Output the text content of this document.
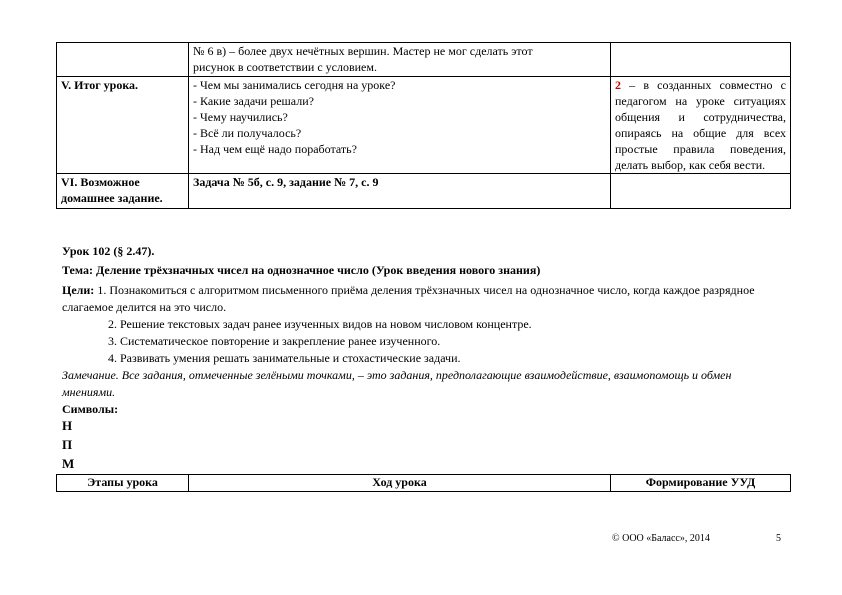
	№ 6 в) – более двух нечётных вершин. Мастер не мог сделать этот
рисунок в соответствии с условием.	

V. Итог урока.	- Чем мы занимались сегодня на уроке?
- Какие задачи решали?
- Чему научились?
- Всё ли получалось?
- Над чем ещё надо поработать?	2 – в созданных совместно с педагогом на уроке ситуациях общения и сотрудничества, опираясь на общие для всех простые правила поведения, делать выбор, как себя вести.
VI. Возможное домашнее задание.	Задача № 5б, с. 9, задание № 7, с. 9	

Урок 102 (§ 2.47).
Тема: Деление трёхзначных чисел на однозначное число (Урок введения нового знания)
Цели: 1. Познакомиться с алгоритмом письменного приёма деления трёхзначных чисел на однозначное число, когда каждое разрядное слагаемое делится на это число.
2. Решение текстовых задач ранее изученных видов на новом числовом концентре.
3. Систематическое повторение и закрепление ранее изученного.
4. Развивать умения решать занимательные и стохастические задачи.
Замечание. Все задания, отмеченные зелёными точками, – это задания, предполагающие взаимодействие, взаимопомощь и обмен мнениями.
Символы:
Н
П
М
Этапы урока	Ход урока	Формирование УУД
© ООО «Баласс», 2014	5
